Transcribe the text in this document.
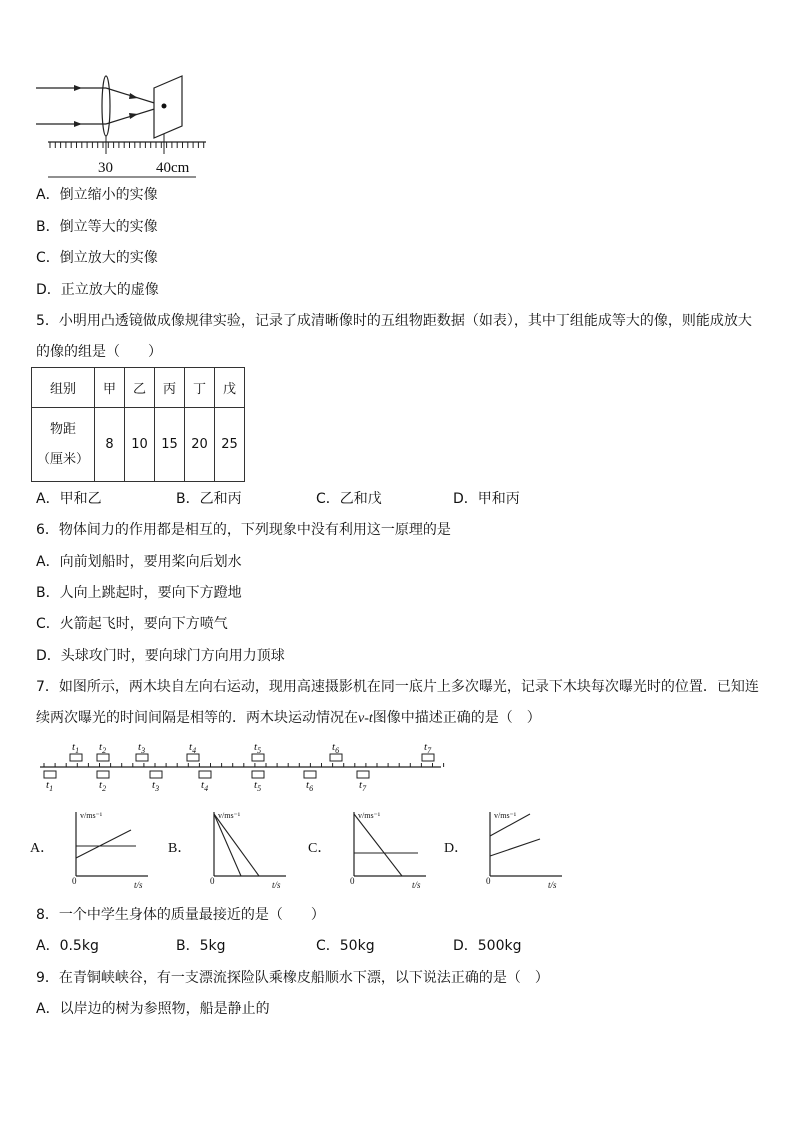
30	40cm
A．倒立缩小的实像
B．倒立等大的实像
C．倒立放大的实像
D．正立放大的虚像
5．小明用凸透镜做成像规律实验，记录了成清晰像时的五组物距数据（如表），其中丁组能成等大的像，则能成放大
的像的组是（　　）
组别	甲	乙	丙	丁	戊

物距
（厘米）	8	10	15	20	25
A．甲和乙	B．乙和丙	C．乙和戊	D．甲和丙
6．物体间力的作用都是相互的，下列现象中没有利用这一原理的是
A．向前划船时，要用桨向后划水
B．人向上跳起时，要向下方蹬地
C．火箭起飞时，要向下方喷气
D．头球攻门时，要向球门方向用力顶球
7．如图所示，两木块自左向右运动，现用高速摄影机在同一底片上多次曝光，记录下木块每次曝光时的位置．已知连
续两次曝光的时间间隔是相等的．两木块运动情况在v-t图像中描述正确的是（　）
$t_1$ $t_2$	$t_3$	$t_4$	$t_5$	$t_6$	$t_7$
$t_1$	$t_2$	$t_3$	$t_4$	$t_5$	$t_6$	$t_7$
A．
v/ms⁻¹
t/s
0
B．
v/ms⁻¹
t/s
0
C．
v/ms⁻¹
t/s
0
D．
v/ms⁻¹
t/s
0
8．一个中学生身体的质量最接近的是（　　）
A．0.5kg	B．5kg	C．50kg	D．500kg
9．在青铜峡峡谷，有一支漂流探险队乘橡皮船顺水下漂，以下说法正确的是（　）
A．以岸边的树为参照物，船是静止的
